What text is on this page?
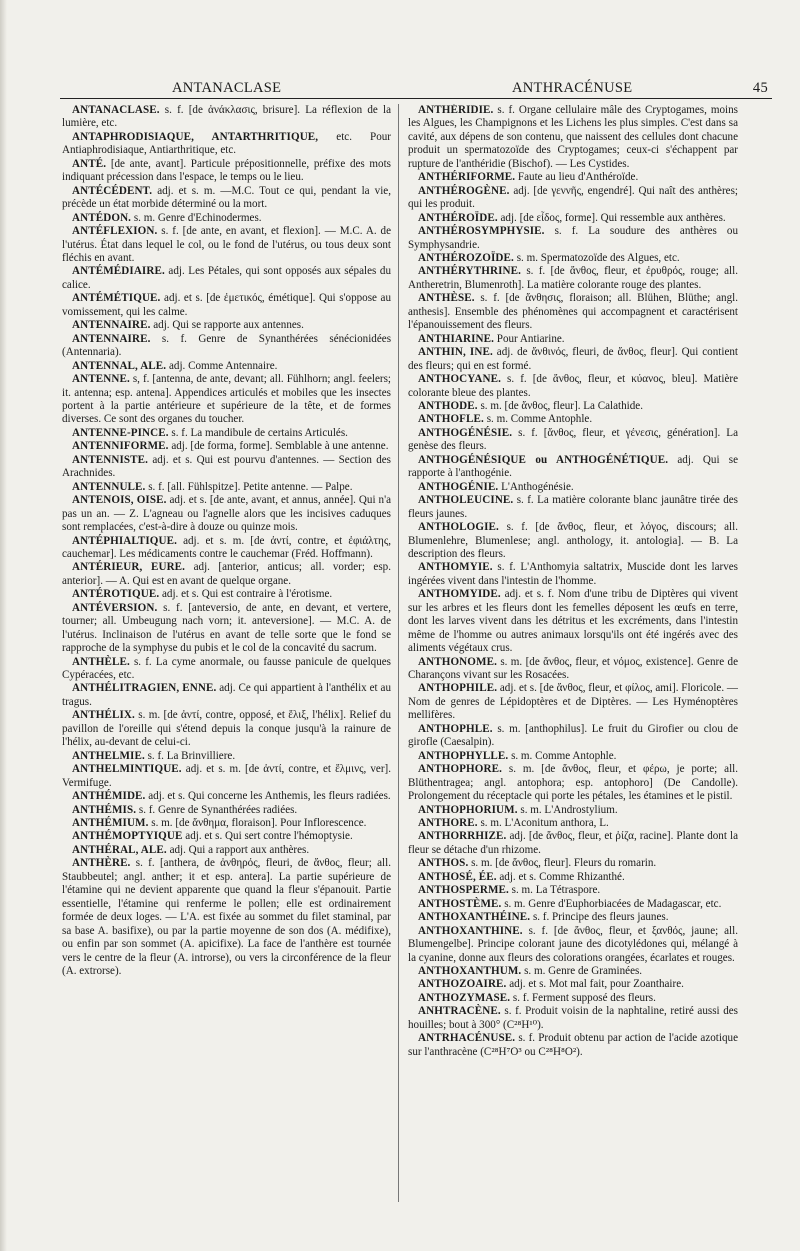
ANTANACLASE	ANTHRACÉNUSE	45

ANTANACLASE. s. f. [de ἀνάκλασις, brisure]. La réflexion de la lumière, etc.

ANTAPHRODISIAQUE, ANTARTHRITIQUE, etc. Pour Antiaphrodisiaque, Antiarthritique, etc.

ANTÉ. [de ante, avant]. Particule prépositionnelle, préfixe des mots indiquant précession dans l'espace, le temps ou le lieu.

ANTÉCÉDENT. adj. et s. m. —M.C. Tout ce qui, pendant la vie, précède un état morbide déterminé ou la mort.

ANTÉDON. s. m. Genre d'Echinodermes.

ANTÉFLEXION. s. f. [de ante, en avant, et flexion]. — M.C. A. de l'utérus. État dans lequel le col, ou le fond de l'utérus, ou tous deux sont fléchis en avant.

ANTÉMÉDIAIRE. adj. Les Pétales, qui sont opposés aux sépales du calice.

ANTÉMÉTIQUE. adj. et s. [de ἐμετικός, émétique]. Qui s'oppose au vomissement, qui les calme.

ANTENNAIRE. adj. Qui se rapporte aux antennes.

ANTENNAIRE. s. f. Genre de Synanthérées sénécionidées (Antennaria).

ANTENNAL, ALE. adj. Comme Antennaire.

ANTENNE. s, f. [antenna, de ante, devant; all. Fühlhorn; angl. feelers; it. antenna; esp. antena]. Appendices articulés et mobiles que les insectes portent à la partie antérieure et supérieure de la tête, et de formes diverses. Ce sont des organes du toucher.

ANTENNE-PINCE. s. f. La mandibule de certains Articulés.

ANTENNIFORME. adj. [de forma, forme]. Semblable à une antenne.

ANTENNISTE. adj. et s. Qui est pourvu d'antennes. — Section des Arachnides.

ANTENNULE. s. f. [all. Fühlspitze]. Petite antenne. — Palpe.

ANTENOIS, OISE. adj. et s. [de ante, avant, et annus, année]. Qui n'a pas un an. — Z. L'agneau ou l'agnelle alors que les incisives caduques sont remplacées, c'est-à-dire à douze ou quinze mois.

ANTÉPHIALTIQUE. adj. et s. m. [de ἀντί, contre, et ἐφιάλτης, cauchemar]. Les médicaments contre le cauchemar (Fréd. Hoffmann).

ANTÉRIEUR, EURE. adj. [anterior, anticus; all. vorder; esp. anterior]. — A. Qui est en avant de quelque organe.

ANTÉROTIQUE. adj. et s. Qui est contraire à l'érotisme.

ANTÉVERSION. s. f. [anteversio, de ante, en devant, et vertere, tourner; all. Umbeugung nach vorn; it. anteversione]. — M.C. A. de l'utérus. Inclinaison de l'utérus en avant de telle sorte que le fond se rapproche de la symphyse du pubis et le col de la concavité du sacrum.

ANTHÈLE. s. f. La cyme anormale, ou fausse panicule de quelques Cypéracées, etc.

ANTHÉLITRAGIEN, ENNE. adj. Ce qui appartient à l'anthélix et au tragus.

ANTHÉLIX. s. m. [de ἀντί, contre, opposé, et ἕλιξ, l'hélix]. Relief du pavillon de l'oreille qui s'étend depuis la conque jusqu'à la rainure de l'hélix, au-devant de celui-ci.

ANTHELMIE. s. f. La Brinvilliere.

ANTHELMINTIQUE. adj. et s. m. [de ἀντί, contre, et ἕλμινς, ver]. Vermifuge.

ANTHÉMIDE. adj. et s. Qui concerne les Anthemis, les fleurs radiées.

ANTHÉMIS. s. f. Genre de Synanthérées radiées.

ANTHÉMIUM. s. m. [de ἄνθημα, floraison]. Pour Inflorescence.

ANTHÉMOPTYIQUE adj. et s. Qui sert contre l'hémoptysie.

ANTHÉRAL, ALE. adj. Qui a rapport aux anthères.

ANTHÈRE. s. f. [anthera, de ἀνθηρός, fleuri, de ἄνθος, fleur; all. Staubbeutel; angl. anther; it et esp. antera]. La partie supérieure de l'étamine qui ne devient apparente que quand la fleur s'épanouit. Partie essentielle, l'étamine qui renferme le pollen; elle est ordinairement formée de deux loges. — L'A. est fixée au sommet du filet staminal, par sa base A. basifixe), ou par la partie moyenne de son dos (A. médifixe), ou enfin par son sommet (A. apicifixe). La face de l'anthère est tournée vers le centre de la fleur (A. introrse), ou vers la circonférence de la fleur (A. extrorse).

ANTHÉRIDIE. s. f. Organe cellulaire mâle des Cryptogames, moins les Algues, les Champignons et les Lichens les plus simples. C'est dans sa cavité, aux dépens de son contenu, que naissent des cellules dont chacune produit un spermatozoïde des Cryptogames; ceux-ci s'échappent par rupture de l'anthéridie (Bischof). — Les Cystides.

ANTHÉRIFORME. Faute au lieu d'Anthéroïde.

ANTHÉROGÈNE. adj. [de γεννῆς, engendré]. Qui naît des anthères; qui les produit.

ANTHÉROÏDE. adj. [de εἶδος, forme]. Qui ressemble aux anthères.

ANTHÉROSYMPHYSIE. s. f. La soudure des anthères ou Symphysandrie.

ANTHÉROZOÏDE. s. m. Spermatozoïde des Algues, etc.

ANTHÉRYTHRINE. s. f. [de ἄνθος, fleur, et ἐρυθρός, rouge; all. Antheretrin, Blumenroth]. La matière colorante rouge des plantes.

ANTHÈSE. s. f. [de ἄνθησις, floraison; all. Blühen, Blüthe; angl. anthesis]. Ensemble des phénomènes qui accompagnent et caractérisent l'épanouissement des fleurs.

ANTHIARINE. Pour Antiarine.

ANTHIN, INE. adj. de ἄνθινός, fleuri, de ἄνθος, fleur]. Qui contient des fleurs; qui en est formé.

ANTHOCYANE. s. f. [de ἄνθος, fleur, et κύανος, bleu]. Matière colorante bleue des plantes.

ANTHODE. s. m. [de ἄνθος, fleur]. La Calathide.

ANTHOFLE. s. m. Comme Antophle.

ANTHOGÉNÉSIE. s. f. [ἄνθος, fleur, et γένεσις, génération]. La genèse des fleurs.

ANTHOGÉNÉSIQUE ou ANTHOGÉNÉTIQUE. adj. Qui se rapporte à l'anthogénie.

ANTHOGÉNIE. L'Anthogénésie.

ANTHOLEUCINE. s. f. La matière colorante blanc jaunâtre tirée des fleurs jaunes.

ANTHOLOGIE. s. f. [de ἄνθος, fleur, et λόγος, discours; all. Blumenlehre, Blumenlese; angl. anthology, it. antologia]. — B. La description des fleurs.

ANTHOMYIE. s. f. L'Anthomyia saltatrix, Muscide dont les larves ingérées vivent dans l'intestin de l'homme.

ANTHOMYIDE. adj. et s. f. Nom d'une tribu de Diptères qui vivent sur les arbres et les fleurs dont les femelles déposent les œufs en terre, dont les larves vivent dans les détritus et les excréments, dans l'intestin même de l'homme ou autres animaux lorsqu'ils ont été ingérés avec des aliments végétaux crus.

ANTHONOME. s. m. [de ἄνθος, fleur, et νόμος, existence]. Genre de Charançons vivant sur les Rosacées.

ANTHOPHILE. adj. et s. [de ἄνθος, fleur, et φίλος, ami]. Floricole. — Nom de genres de Lépidoptères et de Diptères. — Les Hyménoptères mellifères.

ANTHOPHLE. s. m. [anthophilus]. Le fruit du Girofier ou clou de girofle (Caesalpin).

ANTHOPHYLLE. s. m. Comme Antophle.

ANTHOPHORE. s. m. [de ἄνθος, fleur, et φέρω, je porte; all. Blüthentragea; angl. antophora; esp. antophoro] (De Candolle). Prolongement du réceptacle qui porte les pétales, les étamines et le pistil.

ANTHOPHORIUM. s. m. L'Androstylium.

ANTHORE. s. m. L'Aconitum anthora, L.

ANTHORRHIZE. adj. [de ἄνθος, fleur, et ῥίζα, racine]. Plante dont la fleur se détache d'un rhizome.

ANTHOS. s. m. [de ἄνθος, fleur]. Fleurs du romarin.

ANTHOSÉ, ÉE. adj. et s. Comme Rhizanthé.

ANTHOSPERME. s. m. La Tétraspore.

ANTHOSTÈME. s. m. Genre d'Euphorbiacées de Madagascar, etc.

ANTHOXANTHÉINE. s. f. Principe des fleurs jaunes.

ANTHOXANTHINE. s. f. [de ἄνθος, fleur, et ξανθός, jaune; all. Blumengelbe]. Principe colorant jaune des dicotylédones qui, mélangé à la cyanine, donne aux fleurs des colorations orangées, écarlates et rouges.

ANTHOXANTHUM. s. m. Genre de Graminées.

ANTHOZOAIRE. adj. et s. Mot mal fait, pour Zoanthaire.

ANTHOZYMASE. s. f. Ferment supposé des fleurs.

ANHTRACÈNE. s. f. Produit voisin de la naphtaline, retiré aussi des houilles; bout à 300° (C²⁸H¹⁰).

ANTRHACÉNUSE. s. f. Produit obtenu par action de l'acide azotique sur l'anthracène (C²⁸H⁷O³ ou C²⁸H⁸O²).
